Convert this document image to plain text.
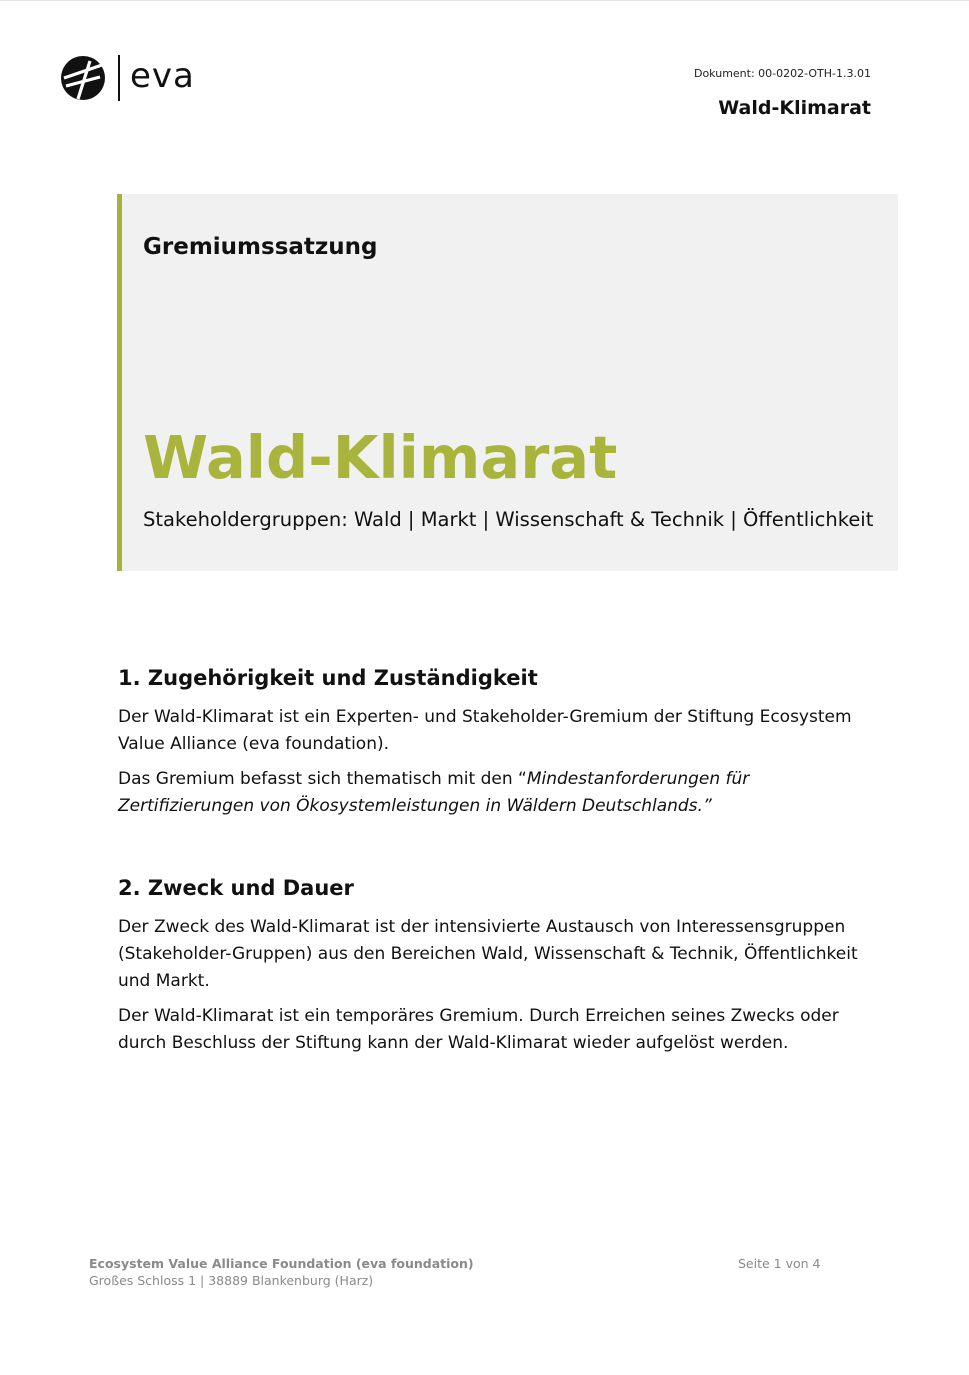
eva	Dokument: 00-0202-OTH-1.3.01
Wald-Klimarat
Gremiumssatzung
Wald-Klimarat
Stakeholdergruppen: Wald | Markt | Wissenschaft & Technik | Öffentlichkeit
1. Zugehörigkeit und Zuständigkeit

Der Wald-Klimarat ist ein Experten- und Stakeholder-Gremium der Stiftung Ecosystem Value Alliance (eva foundation).

Das Gremium befasst sich thematisch mit den “Mindestanforderungen für Zertifizierungen von Ökosystemleistungen in Wäldern Deutschlands.”

2. Zweck und Dauer

Der Zweck des Wald-Klimarat ist der intensivierte Austausch von Interessensgruppen (Stakeholder-Gruppen) aus den Bereichen Wald, Wissenschaft & Technik, Öffentlichkeit und Markt.

Der Wald-Klimarat ist ein temporäres Gremium. Durch Erreichen seines Zwecks oder durch Beschluss der Stiftung kann der Wald-Klimarat wieder aufgelöst werden.

Ecosystem Value Alliance Foundation (eva foundation)
Großes Schloss 1 | 38889 Blankenburg (Harz)
Seite 1 von 4
